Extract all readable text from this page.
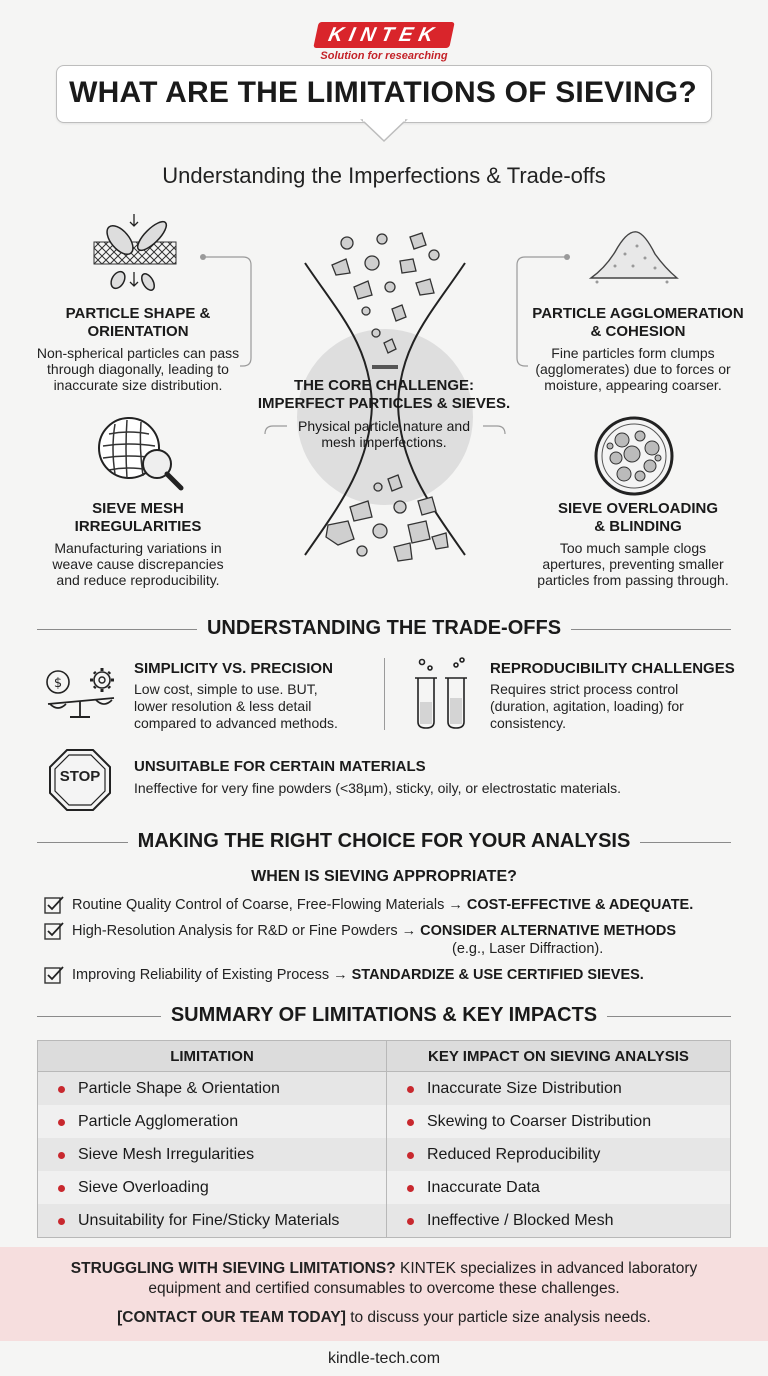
KINTEK
Solution for researching
WHAT ARE THE LIMITATIONS OF SIEVING?
Understanding the Imperfections & Trade-offs
THE CORE CHALLENGE:
IMPERFECT PARTICLES & SIEVES.
Physical particle nature and
mesh imperfections.
PARTICLE SHAPE &
ORIENTATION
Non-spherical particles can pass
through diagonally, leading to
inaccurate size distribution.
PARTICLE AGGLOMERATION
& COHESION
Fine particles form clumps
(agglomerates) due to forces or
moisture, appearing coarser.
SIEVE MESH
IRREGULARITIES
Manufacturing variations in
weave cause discrepancies
and reduce reproducibility.
SIEVE OVERLOADING
& BLINDING
Too much sample clogs
apertures, preventing smaller
particles from passing through.
UNDERSTANDING THE TRADE-OFFS
$
SIMPLICITY VS. PRECISION
Low cost, simple to use. BUT,
lower resolution & less detail
compared to advanced methods.
REPRODUCIBILITY CHALLENGES
Requires strict process control
(duration, agitation, loading) for
consistency.
STOP
UNSUITABLE FOR CERTAIN MATERIALS
Ineffective for very fine powders (<38µm), sticky, oily, or electrostatic materials.
MAKING THE RIGHT CHOICE FOR YOUR ANALYSIS
WHEN IS SIEVING APPROPRIATE?
Routine Quality Control of Coarse, Free-Flowing Materials → COST-EFFECTIVE & ADEQUATE.
High-Resolution Analysis for R&D or Fine Powders → CONSIDER ALTERNATIVE METHODS
(e.g., Laser Diffraction).
Improving Reliability of Existing Process → STANDARDIZE & USE CERTIFIED SIEVES.
SUMMARY OF LIMITATIONS & KEY IMPACTS
LIMITATION	KEY IMPACT ON SIEVING ANALYSIS
Particle Shape & Orientation	Inaccurate Size Distribution
Particle Agglomeration	Skewing to Coarser Distribution
Sieve Mesh Irregularities	Reduced Reproducibility
Sieve Overloading	Inaccurate Data
Unsuitability for Fine/Sticky Materials	Ineffective / Blocked Mesh
STRUGGLING WITH SIEVING LIMITATIONS? KINTEK specializes in advanced laboratory
equipment and certified consumables to overcome these challenges.
[CONTACT OUR TEAM TODAY] to discuss your particle size analysis needs.
kindle-tech.com
